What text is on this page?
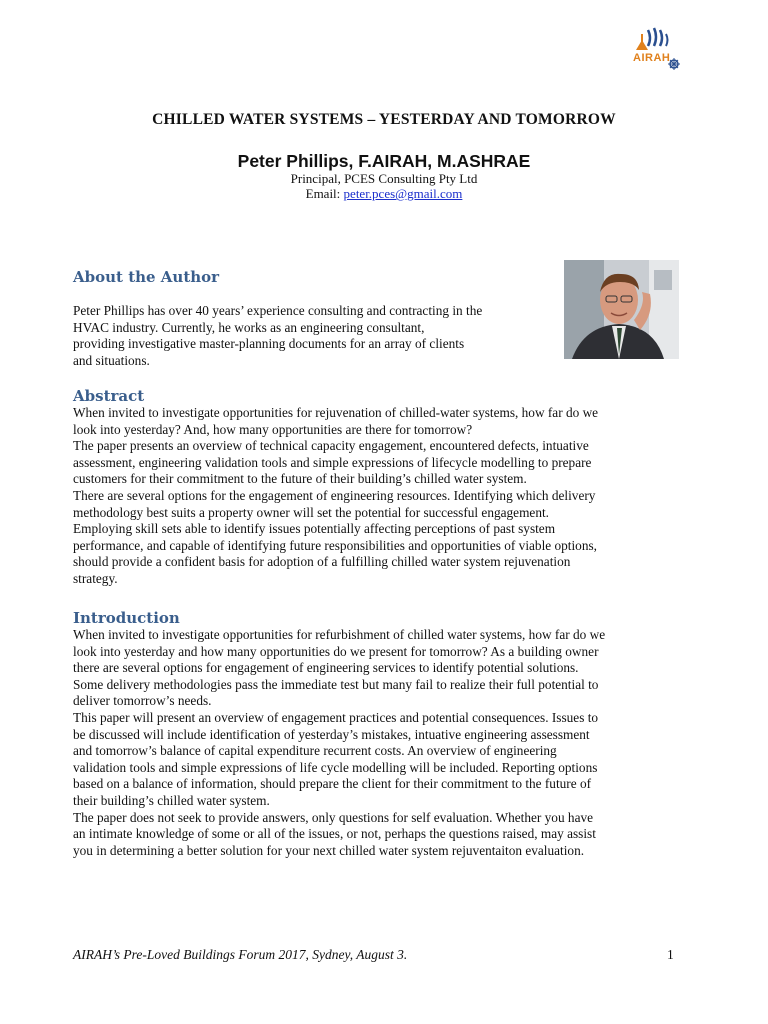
AIRAH
CHILLED WATER SYSTEMS – YESTERDAY AND TOMORROW
Peter Phillips, F.AIRAH, M.ASHRAE
Principal, PCES Consulting Pty Ltd
Email: peter.pces@gmail.com
About the Author

Peter Phillips has over 40 years’ experience consulting and contracting in the

HVAC industry. Currently, he works as an engineering consultant,

providing investigative master-planning documents for an array of clients

and situations.

Abstract

When invited to investigate opportunities for rejuvenation of chilled-water systems, how far do we

look into yesterday? And, how many opportunities are there for tomorrow?

The paper presents an overview of technical capacity engagement, encountered defects, intuative

assessment, engineering validation tools and simple expressions of lifecycle modelling to prepare

customers for their commitment to the future of their building’s chilled water system.

There are several options for the engagement of engineering resources. Identifying which delivery

methodology best suits a property owner will set the potential for successful engagement.

Employing skill sets able to identify issues potentially affecting perceptions of past system

performance, and capable of identifying future responsibilities and opportunities of viable options,

should provide a confident basis for adoption of a fulfilling chilled water system rejuvenation

strategy.

Introduction

When invited to investigate opportunities for refurbishment of chilled water systems, how far do we

look into yesterday and how many opportunities do we present for tomorrow? As a building owner

there are several options for engagement of engineering services to identify potential solutions.

Some delivery methodologies pass the immediate test but many fail to realize their full potential to

deliver tomorrow’s needs.

This paper will present an overview of engagement practices and potential consequences. Issues to

be discussed will include identification of yesterday’s mistakes, intuative engineering assessment

and tomorrow’s balance of capital expenditure recurrent costs. An overview of engineering

validation tools and simple expressions of life cycle modelling will be included. Reporting options

based on a balance of information, should prepare the client for their commitment to the future of

their building’s chilled water system.

The paper does not seek to provide answers, only questions for self evaluation. Whether you have

an intimate knowledge of some or all of the issues, or not, perhaps the questions raised, may assist

you in determining a better solution for your next chilled water system rejuventaiton evaluation.

AIRAH’s Pre-Loved Buildings Forum 2017, Sydney, August 3.	1
